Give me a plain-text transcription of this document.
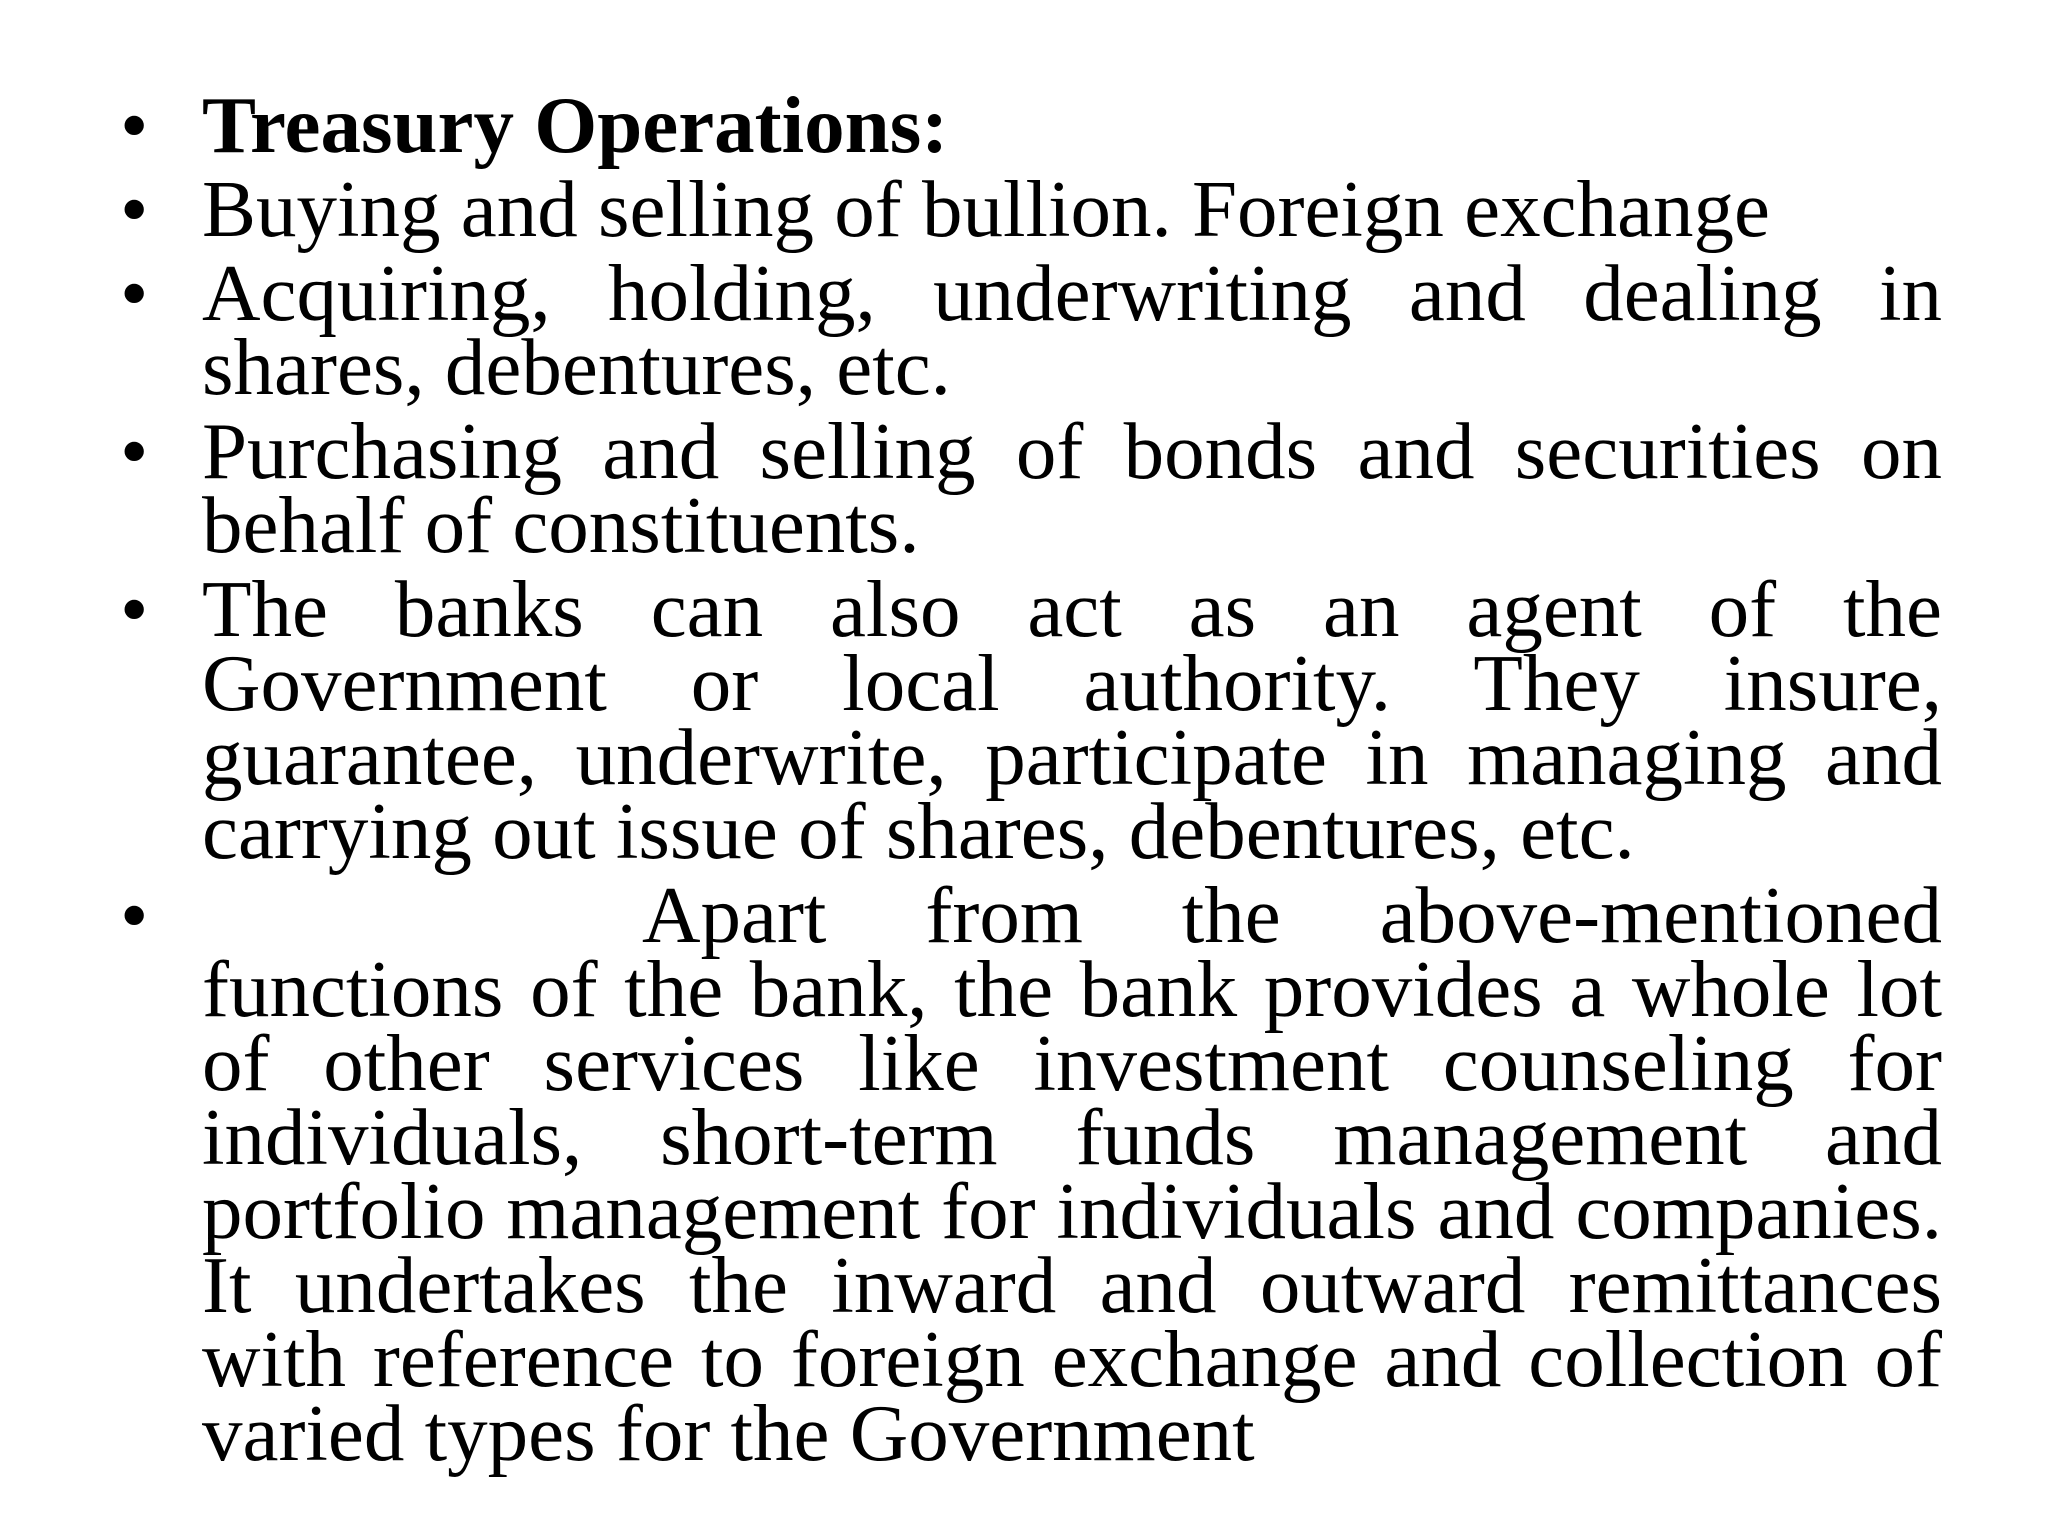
• Treasury Operations:
• Buying and selling of bullion. Foreign exchange
• Acquiring, holding, underwriting and dealing in shares, debentures, etc.
• Purchasing and selling of bonds and securities on behalf of constituents.
• The banks can also act as an agent of the Government or local authority. They insure, guarantee, underwrite, participate in managing and carrying out issue of shares, debentures, etc.
•	Apart from the above-mentioned functions of the bank, the bank provides a whole lot of other services like investment counseling for individuals, short-term funds management and portfolio management for individuals and companies. It undertakes the inward and outward remittances with reference to foreign exchange and collection of varied types for the Government
